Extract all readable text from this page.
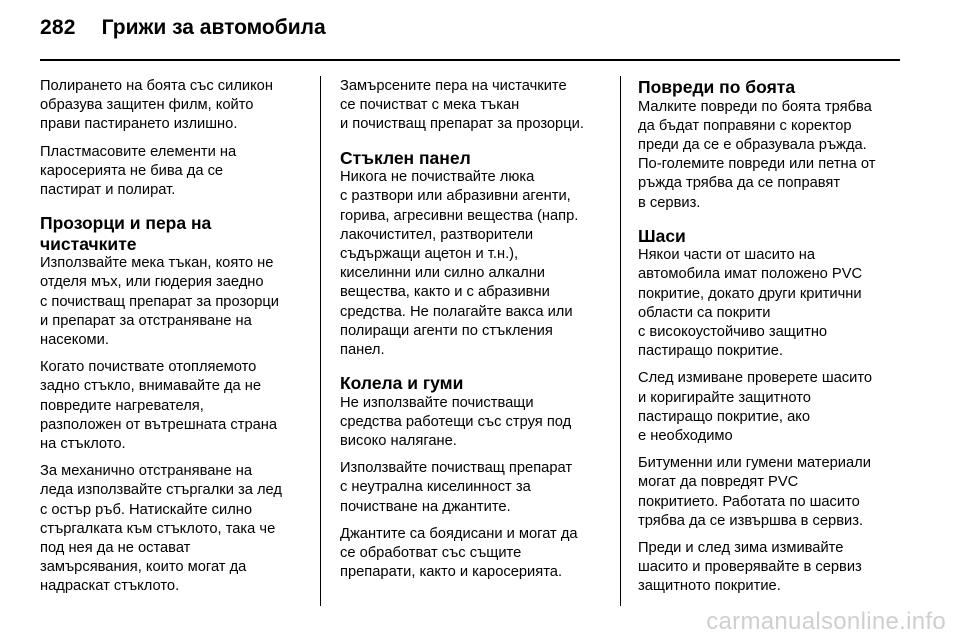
282 Грижи за автомобила

Полирането на боята със силикон
образува защитен филм, който
прави пастирането излишно.

Пластмасовите елементи на
каросерията не бива да се
пастират и полират.

Прозорци и пера на
чистачките

Използвайте мека тъкан, която не
отделя мъх, или гюдерия заедно
с почистващ препарат за прозорци
и препарат за отстраняване на
насекоми.

Когато почиствате отопляемото
задно стъкло, внимавайте да не
повредите нагревателя,
разположен от вътрешната страна
на стъклото.

За механично отстраняване на
леда използвайте стъргалки за лед
с остър ръб. Натискайте силно
стъргалката към стъклото, така че
под нея да не остават
замърсявания, които могат да
надраскат стъклото.

Замърсените пера на чистачките
се почистват с мека тъкан
и почистващ препарат за прозорци.

Стъклен панел

Никога не почиствайте люка
с разтвори или абразивни агенти,
горива, агресивни вещества (напр.
лакочистител, разтворители
съдържащи ацетон и т.н.),
киселинни или силно алкални
вещества, както и с абразивни
средства. Не полагайте вакса или
полиращи агенти по стъкления
панел.

Колела и гуми

Не използвайте почистващи
средства работещи със струя под
високо налягане.

Използвайте почистващ препарат
с неутрална киселинност за
почистване на джантите.

Джантите са боядисани и могат да
се обработват със същите
препарати, както и каросерията.

Повреди по боята

Малките повреди по боята трябва
да бъдат поправяни с коректор
преди да се е образувала ръжда.
По-големите повреди или петна от
ръжда трябва да се поправят
в сервиз.

Шаси

Някои части от шасито на
автомобила имат положено PVC
покритие, докато други критични
области са покрити
с високоустойчиво защитно
пастиращо покритие.

След измиване проверете шасито
и коригирайте защитното
пастиращо покритие, ако
е необходимо

Битуменни или гумени материали
могат да повредят PVC
покритието. Работата по шасито
трябва да се извършва в сервиз.

Преди и след зима измивайте
шасито и проверявайте в сервиз
защитното покритие.

carmanualsonline.info
